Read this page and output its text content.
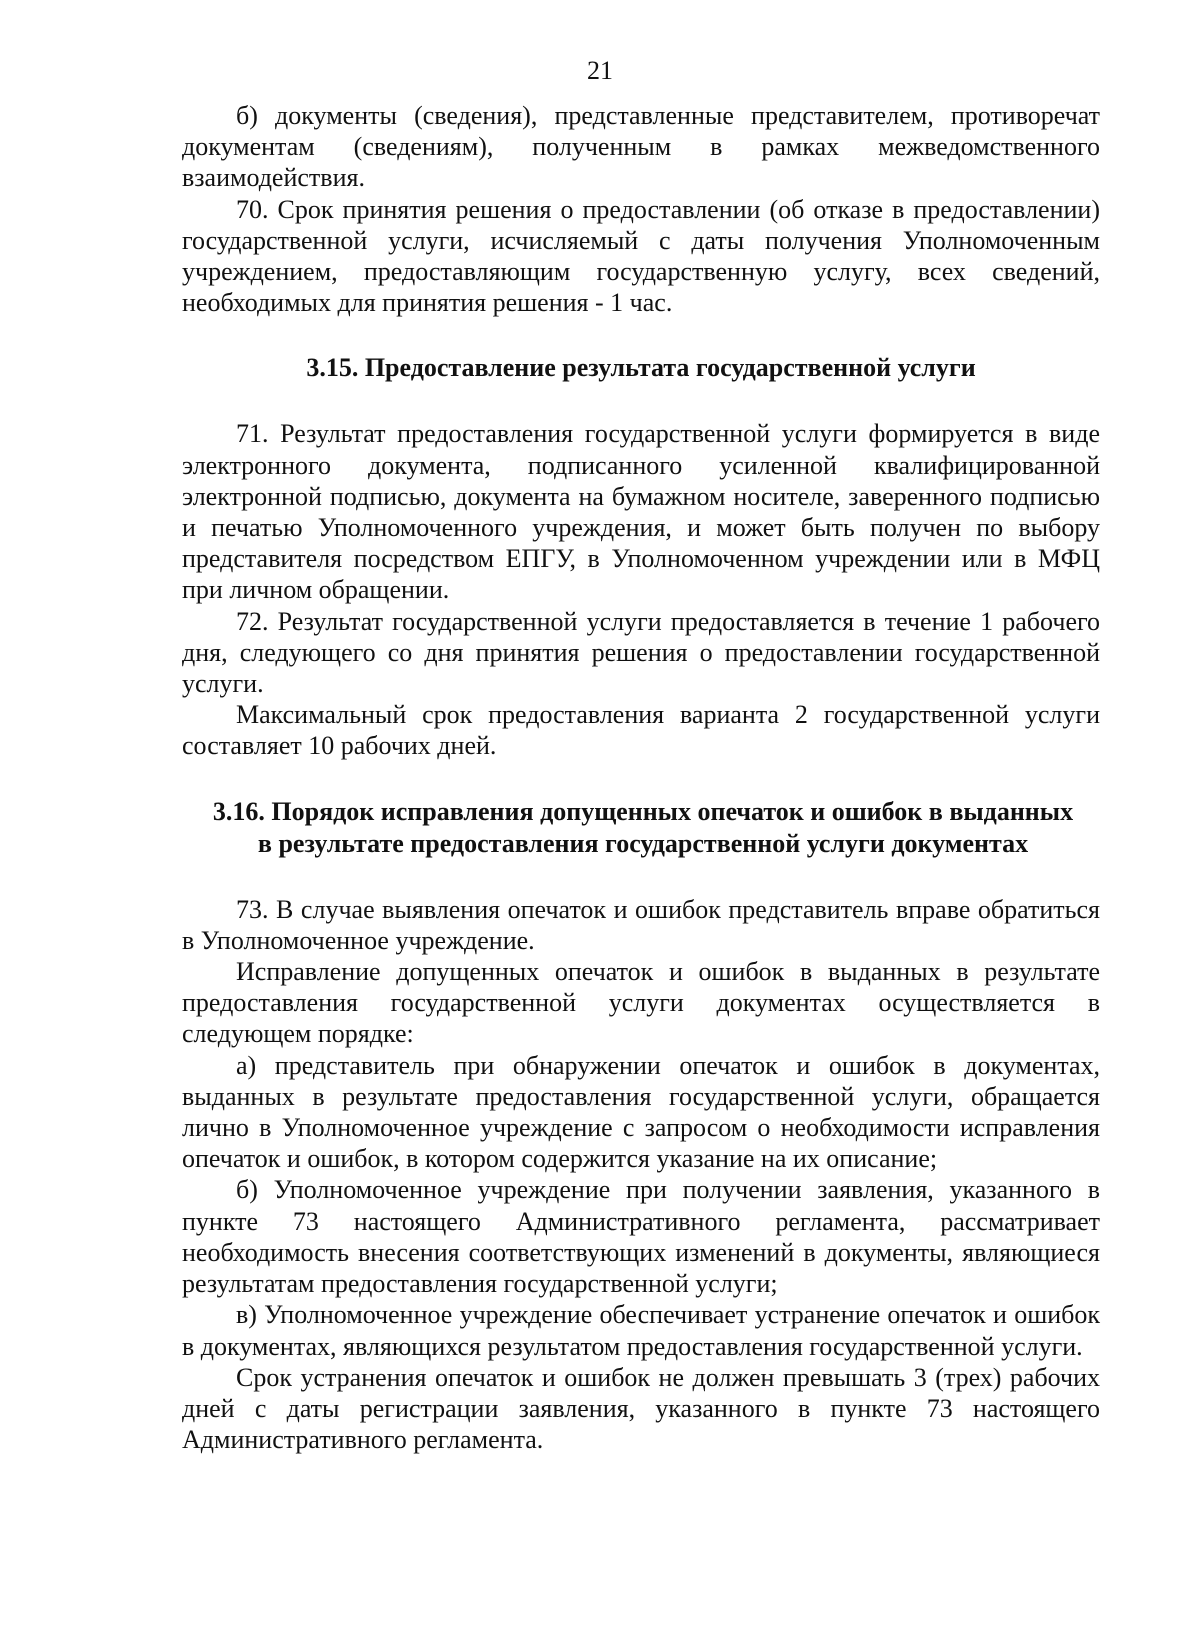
21

б) документы (сведения), представленные представителем, противоречат документам (сведениям), полученным в рамках межведомственного взаимодействия.

70. Срок принятия решения о предоставлении (об отказе в предоставлении) государственной услуги, исчисляемый с даты получения Уполномоченным учреждением, предоставляющим государственную услугу, всех сведений, необходимых для принятия решения - 1 час.

3.15. Предоставление результата государственной услуги

71. Результат предоставления государственной услуги формируется в виде электронного документа, подписанного усиленной квалифицированной электронной подписью, документа на бумажном носителе, заверенного подписью и печатью Уполномоченного учреждения, и может быть получен по выбору представителя посредством ЕПГУ, в Уполномоченном учреждении или в МФЦ при личном обращении.

72. Результат государственной услуги предоставляется в течение 1 рабочего дня, следующего со дня принятия решения о предоставлении государственной услуги.

Максимальный срок предоставления варианта 2 государственной услуги составляет 10 рабочих дней.

3.16. Порядок исправления допущенных опечаток и ошибок в выданных
в результате предоставления государственной услуги документах

73. В случае выявления опечаток и ошибок представитель вправе обратиться в Уполномоченное учреждение.

Исправление допущенных опечаток и ошибок в выданных в результате предоставления государственной услуги документах осуществляется в следующем порядке:

а) представитель при обнаружении опечаток и ошибок в документах, выданных в результате предоставления государственной услуги, обращается лично в Уполномоченное учреждение с запросом о необходимости исправления опечаток и ошибок, в котором содержится указание на их описание;

б) Уполномоченное учреждение при получении заявления, указанного в пункте 73 настоящего Административного регламента, рассматривает необходимость внесения соответствующих изменений в документы, являющиеся результатам предоставления государственной услуги;

в) Уполномоченное учреждение обеспечивает устранение опечаток и ошибок в документах, являющихся результатом предоставления государственной услуги.

Срок устранения опечаток и ошибок не должен превышать 3 (трех) рабочих дней с даты регистрации заявления, указанного в пункте 73 настоящего Административного регламента.
